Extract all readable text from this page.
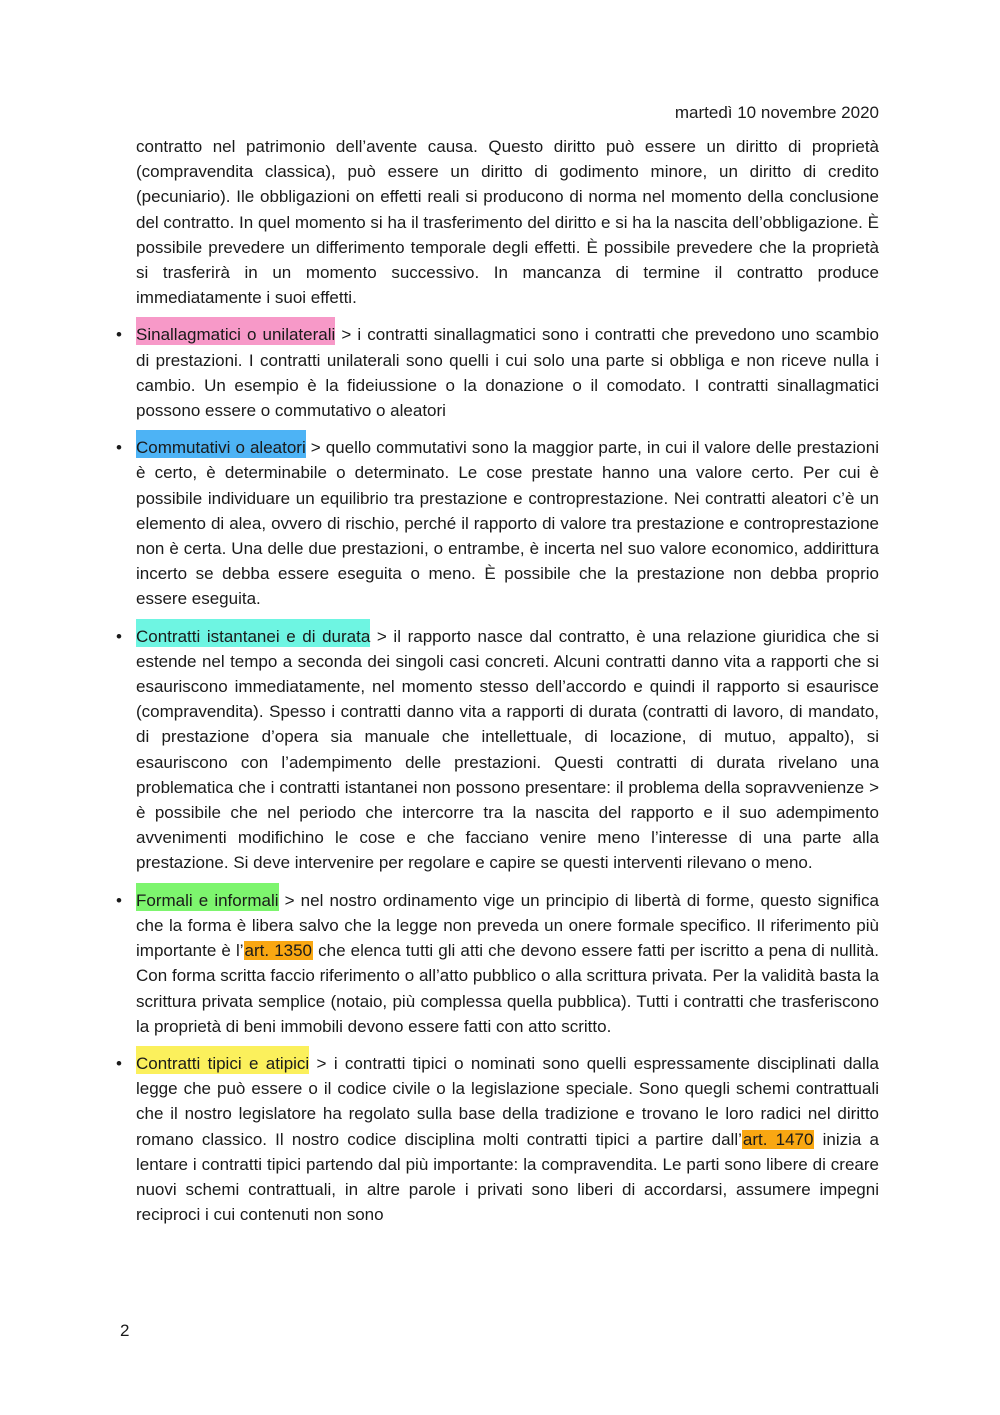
martedì 10 novembre 2020

contratto nel patrimonio dell’avente causa. Questo diritto può essere un diritto di proprietà (compravendita classica), può essere un diritto di godimento minore, un diritto di credito (pecuniario). Ile obbligazioni on effetti reali si producono di norma nel momento della conclusione del contratto. In quel momento si ha il trasferimento del diritto e si ha la nascita dell’obbligazione. È possibile prevedere un differimento temporale degli effetti. È possibile prevedere che la proprietà si trasferirà in un momento successivo. In mancanza di termine il contratto produce immediatamente i suoi effetti.

• Sinallagmatici o unilaterali > i contratti sinallagmatici sono i contratti che prevedono uno scambio di prestazioni. I contratti unilaterali sono quelli i cui solo una parte si obbliga e non riceve nulla i cambio. Un esempio è la fideiussione o la donazione o il comodato. I contratti sinallagmatici possono essere o commutativo o aleatori

• Commutativi o aleatori > quello commutativi sono la maggior parte, in cui il valore delle prestazioni è certo, è determinabile o determinato. Le cose prestate hanno una valore certo. Per cui è possibile individuare un equilibrio tra prestazione e controprestazione. Nei contratti aleatori c’è un elemento di alea, ovvero di rischio, perché il rapporto di valore tra prestazione e controprestazione non è certa. Una delle due prestazioni, o entrambe, è incerta nel suo valore economico, addirittura incerto se debba essere eseguita o meno. È possibile che la prestazione non debba proprio essere eseguita.

• Contratti istantanei e di durata > il rapporto nasce dal contratto, è una relazione giuridica che si estende nel tempo a seconda dei singoli casi concreti. Alcuni contratti danno vita a rapporti che si esauriscono immediatamente, nel momento stesso dell’accordo e quindi il rapporto si esaurisce (compravendita). Spesso i contratti danno vita a rapporti di durata (contratti di lavoro, di mandato, di prestazione d’opera sia manuale che intellettuale, di locazione, di mutuo, appalto), si esauriscono con l’adempimento delle prestazioni. Questi contratti di durata rivelano una problematica che i contratti istantanei non possono presentare: il problema della sopravvenienze > è possibile che nel periodo che intercorre tra la nascita del rapporto e il suo adempimento avvenimenti modifichino le cose e che facciano venire meno l’interesse di una parte alla prestazione. Si deve intervenire per regolare e capire se questi interventi rilevano o meno.

• Formali e informali > nel nostro ordinamento vige un principio di libertà di forme, questo significa che la forma è libera salvo che la legge non preveda un onere formale specifico. Il riferimento più importante è l’art. 1350 che elenca tutti gli atti che devono essere fatti per iscritto a pena di nullità. Con forma scritta faccio riferimento o all’atto pubblico o alla scrittura privata. Per la validità basta la scrittura privata semplice (notaio, più complessa quella pubblica). Tutti i contratti che trasferiscono la proprietà di beni immobili devono essere fatti con atto scritto.

• Contratti tipici e atipici > i contratti tipici o nominati sono quelli espressamente disciplinati dalla legge che può essere o il codice civile o la legislazione speciale. Sono quegli schemi contrattuali che il nostro legislatore ha regolato sulla base della tradizione e trovano le loro radici nel diritto romano classico. Il nostro codice disciplina molti contratti tipici a partire dall’art. 1470 inizia a lentare i contratti tipici partendo dal più importante: la compravendita. Le parti sono libere di creare nuovi schemi contrattuali, in altre parole i privati sono liberi di accordarsi, assumere impegni reciproci i cui contenuti non sono

2
